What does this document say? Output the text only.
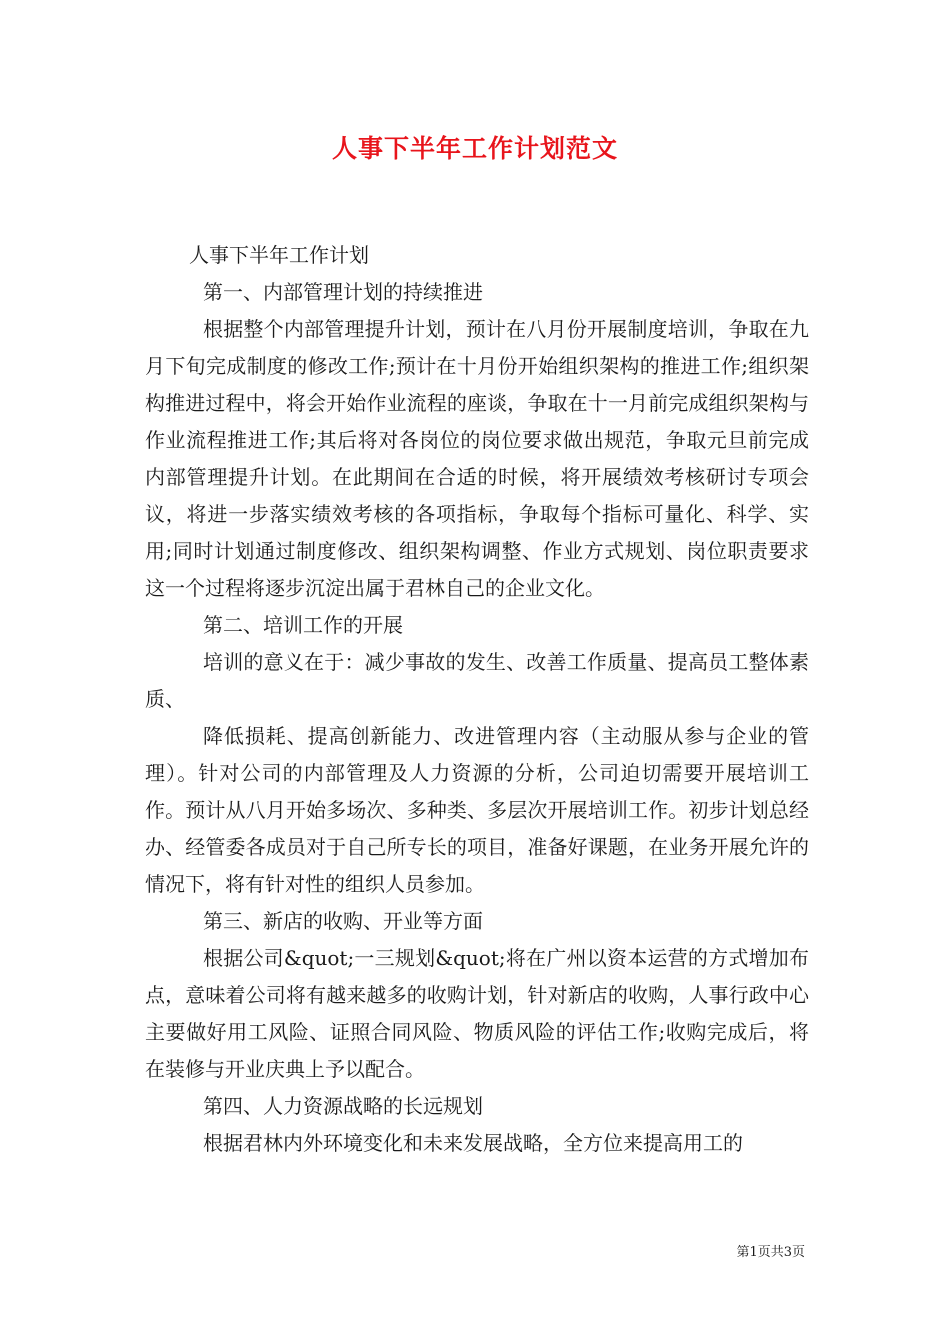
人事下半年工作计划范文

人事下半年工作计划

第一、内部管理计划的持续推进

根据整个内部管理提升计划，预计在八月份开展制度培训，争取在九月下旬完成制度的修改工作;预计在十月份开始组织架构的推进工作;组织架构推进过程中，将会开始作业流程的座谈，争取在十一月前完成组织架构与作业流程推进工作;其后将对各岗位的岗位要求做出规范，争取元旦前完成内部管理提升计划。在此期间在合适的时候，将开展绩效考核研讨专项会议，将进一步落实绩效考核的各项指标，争取每个指标可量化、科学、实用;同时计划通过制度修改、组织架构调整、作业方式规划、岗位职责要求这一个过程将逐步沉淀出属于君林自己的企业文化。

第二、培训工作的开展

培训的意义在于：减少事故的发生、改善工作质量、提高员工整体素质、

降低损耗、提高创新能力、改进管理内容（主动服从参与企业的管理）。针对公司的内部管理及人力资源的分析，公司迫切需要开展培训工作。预计从八月开始多场次、多种类、多层次开展培训工作。初步计划总经办、经管委各成员对于自己所专长的项目，准备好课题，在业务开展允许的情况下，将有针对性的组织人员参加。

第三、新店的收购、开业等方面

根据公司&quot;一三规划&quot;将在广州以资本运营的方式增加布点，意味着公司将有越来越多的收购计划，针对新店的收购，人事行政中心主要做好用工风险、证照合同风险、物质风险的评估工作;收购完成后，将在装修与开业庆典上予以配合。

第四、人力资源战略的长远规划

根据君林内外环境变化和未来发展战略，全方位来提高用工的

第1页共3页
